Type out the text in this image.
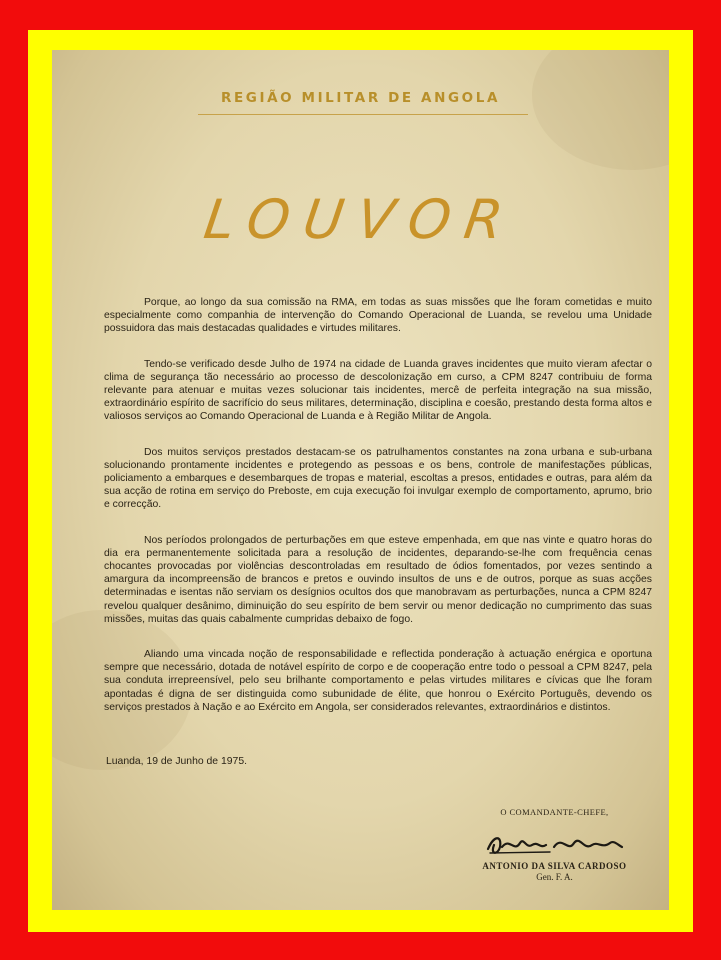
REGIÃO MILITAR DE ANGOLA
LOUVOR

Porque, ao longo da sua comissão na RMA, em todas as suas missões que lhe foram cometidas e muito especialmente como companhia de intervenção do Comando Operacional de Luanda, se revelou uma Unidade possuidora das mais destacadas qualidades e virtudes militares.

Tendo-se verificado desde Julho de 1974 na cidade de Luanda graves incidentes que muito vieram afectar o clima de segurança tão necessário ao processo de descolonização em curso, a CPM 8247 contribuiu de forma relevante para atenuar e muitas vezes solucionar tais incidentes, mercê de perfeita integração na sua missão, extraordinário espírito de sacrifício do seus militares, determinação, disciplina e coesão, prestando desta forma altos e valiosos serviços ao Comando Operacional de Luanda e à Região Militar de Angola.

Dos muitos serviços prestados destacam-se os patrulhamentos constantes na zona urbana e sub-urbana solucionando prontamente incidentes e protegendo as pessoas e os bens, controle de manifestações públicas, policiamento a embarques e desembarques de tropas e material, escoltas a presos, entidades e outras, para além da sua acção de rotina em serviço do Preboste, em cuja execução foi invulgar exemplo de comportamento, aprumo, brio e correcção.

Nos períodos prolongados de perturbações em que esteve empenhada, em que nas vinte e quatro horas do dia era permanentemente solicitada para a resolução de incidentes, deparando-se-lhe com frequência cenas chocantes provocadas por violências descontroladas em resultado de ódios fomentados, por vezes sentindo a amargura da incompreensão de brancos e pretos e ouvindo insultos de uns e de outros, porque as suas acções determinadas e isentas não serviam os desígnios ocultos dos que manobravam as perturbações, nunca a CPM 8247 revelou qualquer desânimo, diminuição do seu espírito de bem servir ou menor dedicação no cumprimento das suas missões, muitas das quais cabalmente cumpridas debaixo de fogo.

Aliando uma vincada noção de responsabilidade e reflectida ponderação à actuação enérgica e oportuna sempre que necessário, dotada de notável espírito de corpo e de cooperação entre todo o pessoal a CPM 8247, pela sua conduta irrepreensível, pelo seu brilhante comportamento e pelas virtudes militares e cívicas que lhe foram apontadas é digna de ser distinguida como subunidade de élite, que honrou o Exército Português, devendo os serviços prestados à Nação e ao Exército em Angola, ser considerados relevantes, extraordinários e distintos.

Luanda, 19 de Junho de 1975.
O COMANDANTE-CHEFE,
ANTONIO DA SILVA CARDOSO
Gen. F. A.
